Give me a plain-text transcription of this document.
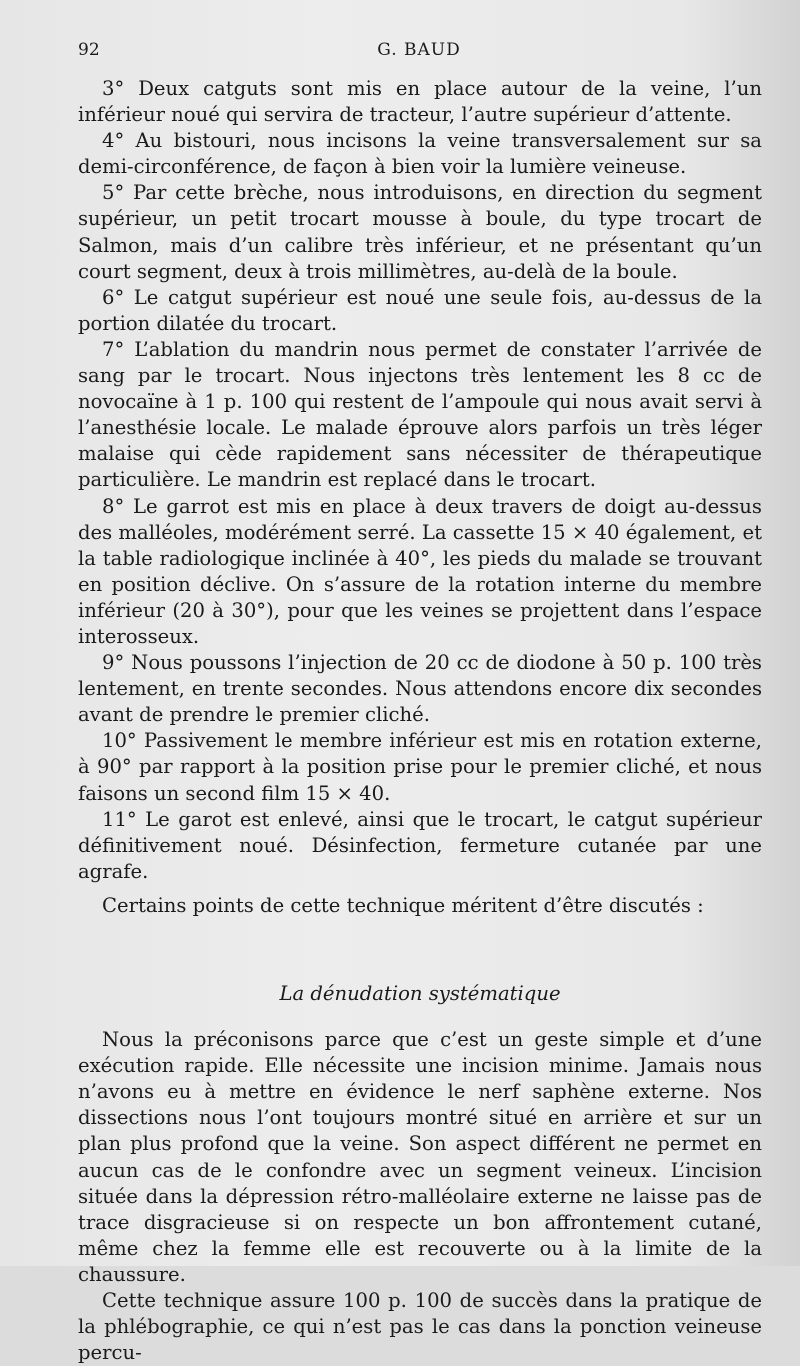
92	G. BAUD

3° Deux catguts sont mis en place autour de la veine, l’un inférieur noué qui servira de tracteur, l’autre supérieur d’attente.

4° Au bistouri, nous incisons la veine transversalement sur sa demi-circonférence, de façon à bien voir la lumière veineuse.

5° Par cette brèche, nous introduisons, en direction du segment supérieur, un petit trocart mousse à boule, du type trocart de Salmon, mais d’un calibre très inférieur, et ne présentant qu’un court segment, deux à trois millimètres, au-delà de la boule.

6° Le catgut supérieur est noué une seule fois, au-dessus de la portion dilatée du trocart.

7° L’ablation du mandrin nous permet de constater l’arrivée de sang par le trocart. Nous injectons très lentement les 8 cc de novocaïne à 1 p. 100 qui restent de l’ampoule qui nous avait servi à l’anesthésie locale. Le malade éprouve alors parfois un très léger malaise qui cède rapidement sans nécessiter de thérapeutique particulière. Le mandrin est replacé dans le trocart.

8° Le garrot est mis en place à deux travers de doigt au-dessus des malléoles, modérément serré. La cassette 15 × 40 également, et la table radiologique inclinée à 40°, les pieds du malade se trouvant en position déclive. On s’assure de la rotation interne du membre inférieur (20 à 30°), pour que les veines se projettent dans l’espace interosseux.

9° Nous poussons l’injection de 20 cc de diodone à 50 p. 100 très lentement, en trente secondes. Nous attendons encore dix secondes avant de prendre le premier cliché.

10° Passivement le membre inférieur est mis en rotation externe, à 90° par rapport à la position prise pour le premier cliché, et nous faisons un second film 15 × 40.

11° Le garot est enlevé, ainsi que le trocart, le catgut supérieur définitivement noué. Désinfection, fermeture cutanée par une agrafe.

Certains points de cette technique méritent d’être discutés :

La dénudation systématique

Nous la préconisons parce que c’est un geste simple et d’une exécution rapide. Elle nécessite une incision minime. Jamais nous n’avons eu à mettre en évidence le nerf saphène externe. Nos dissections nous l’ont toujours montré situé en arrière et sur un plan plus profond que la veine. Son aspect différent ne permet en aucun cas de le confondre avec un segment veineux. L’incision située dans la dépression rétro-malléolaire externe ne laisse pas de trace disgracieuse si on respecte un bon affrontement cutané, même chez la femme elle est recouverte ou à la limite de la chaussure.

Cette technique assure 100 p. 100 de succès dans la pratique de la phlébographie, ce qui n’est pas le cas dans la ponction veineuse percu-
